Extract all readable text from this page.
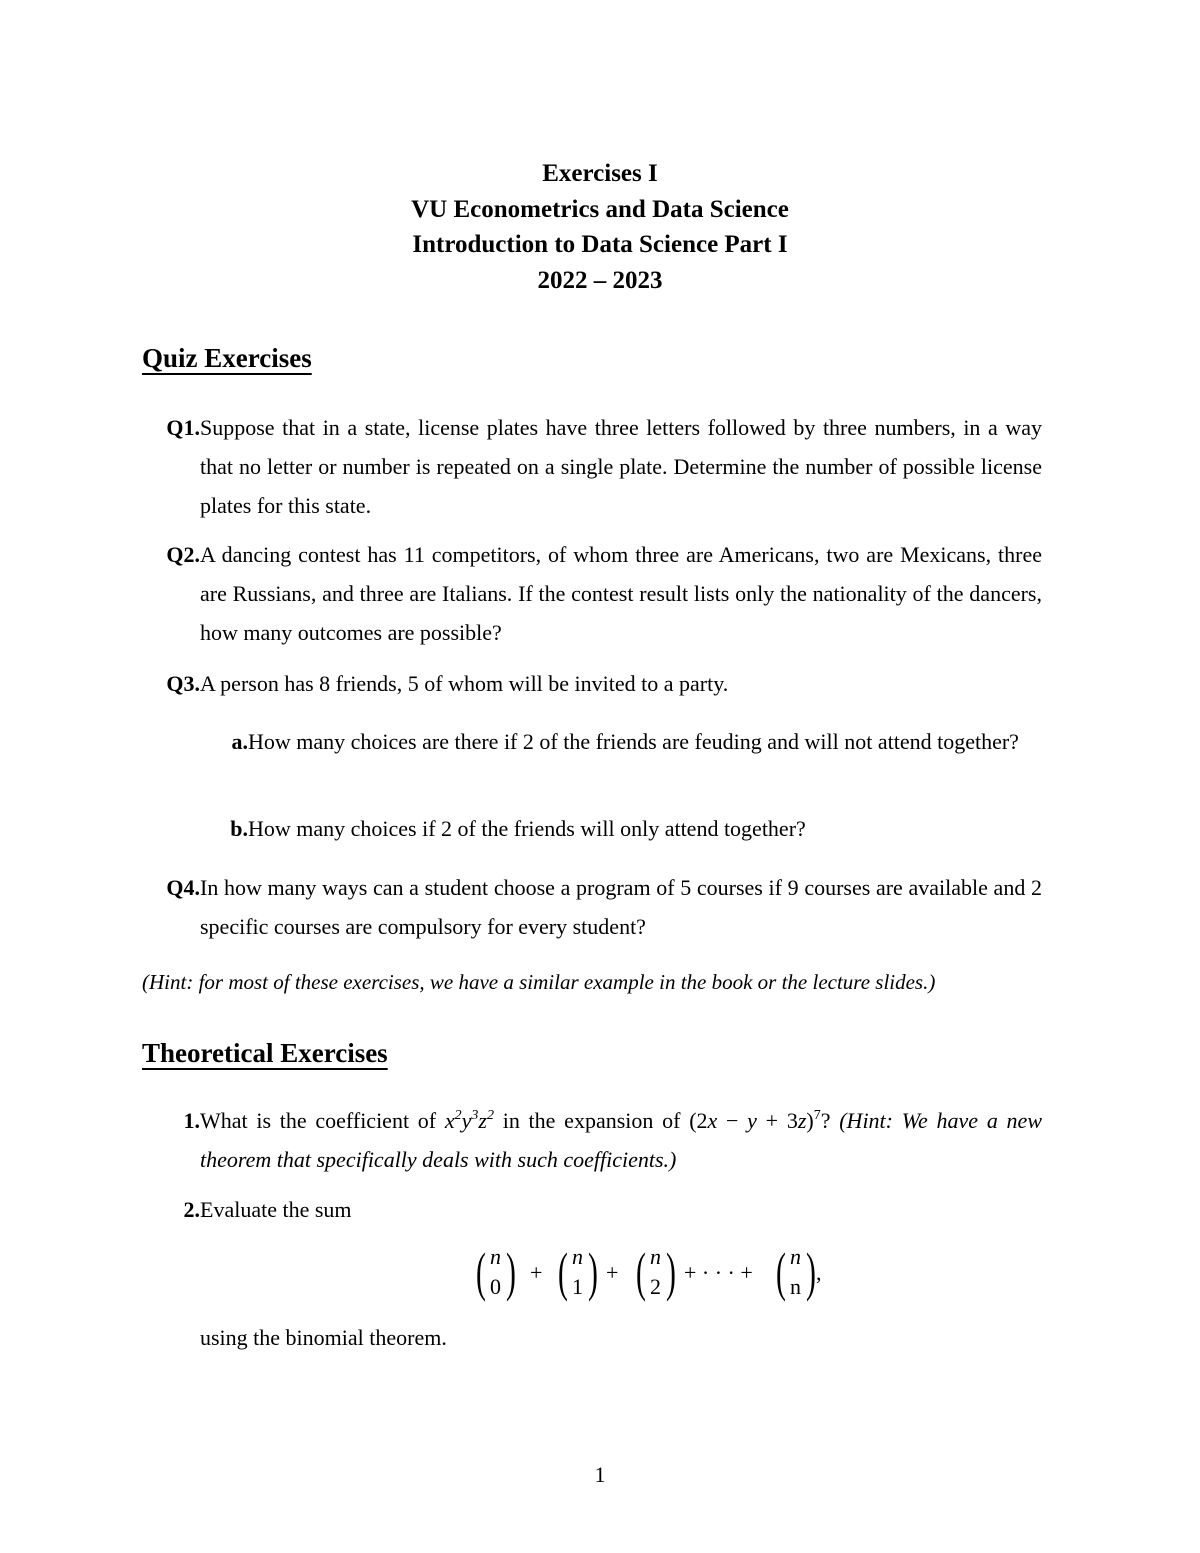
Exercises I
VU Econometrics and Data Science
Introduction to Data Science Part I
2022 – 2023
Quiz Exercises
Q1. Suppose that in a state, license plates have three letters followed by three numbers, in a way that no letter or number is repeated on a single plate. Determine the number of possible license plates for this state.
Q2. A dancing contest has 11 competitors, of whom three are Americans, two are Mexicans, three are Russians, and three are Italians. If the contest result lists only the nationality of the dancers, how many outcomes are possible?
Q3. A person has 8 friends, 5 of whom will be invited to a party.
a. How many choices are there if 2 of the friends are feuding and will not attend together?
b. How many choices if 2 of the friends will only attend together?
Q4. In how many ways can a student choose a program of 5 courses if 9 courses are available and 2 specific courses are compulsory for every student?
(Hint: for most of these exercises, we have a similar example in the book or the lecture slides.)
Theoretical Exercises
1. What is the coefficient of $x^2y^3z^2$ in the expansion of $(2x - y + 3z)^7$? (Hint: We have a new theorem that specifically deals with such coefficients.)
2. Evaluate the sum
( n
0 ) + ( n
1 ) + ( n
2 ) + · · · + ( n
n ) ,
using the binomial theorem.
1
